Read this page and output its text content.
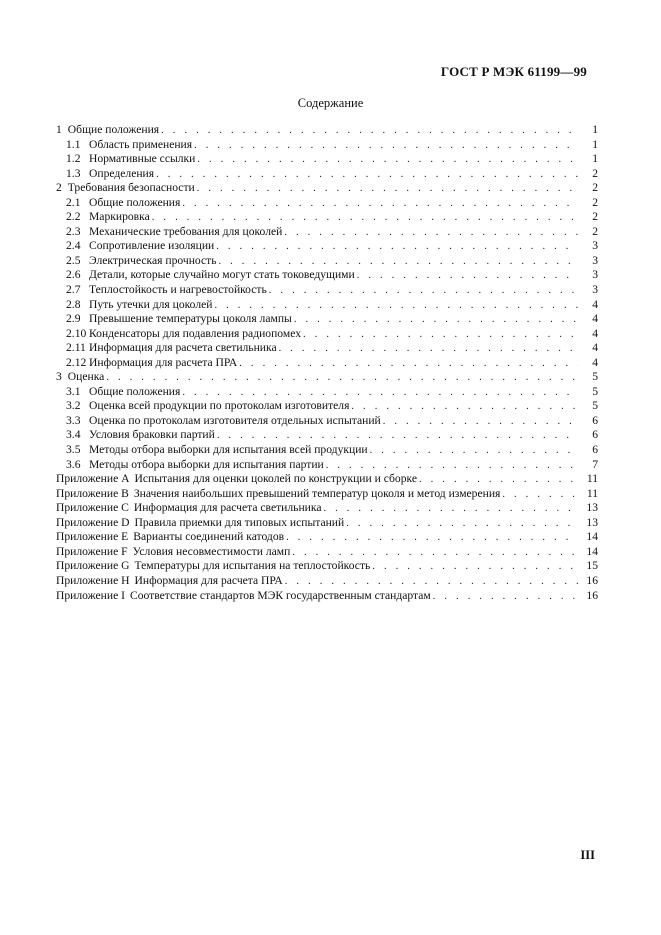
ГОСТ Р МЭК 61199—99
Содержание
1 Общие положения . . .	1
1.1 Область применения . . .	1
1.2 Нормативные ссылки . . .	1
1.3 Определения . . .	2
2 Требования безопасности . . .	2
2.1 Общие положения . . .	2
2.2 Маркировка . . .	2
2.3 Механические требования для цоколей . . .	2
2.4 Сопротивление изоляции . . .	3
2.5 Электрическая прочность . . .	3
2.6 Детали, которые случайно могут стать токоведущими . . .	3
2.7 Теплостойкость и нагревостойкость . . .	3
2.8 Путь утечки для цоколей . . .	4
2.9 Превышение температуры цоколя лампы . . .	4
2.10 Конденсаторы для подавления радиопомех . . .	4
2.11 Информация для расчета светильника . . .	4
2.12 Информация для расчета ПРА . . .	4
3 Оценка . . .	5
3.1 Общие положения . . .	5
3.2 Оценка всей продукции по протоколам изготовителя . . .	5
3.3 Оценка по протоколам изготовителя отдельных испытаний . . .	6
3.4 Условия браковки партий . . .	6
3.5 Методы отбора выборки для испытания всей продукции . . .	6
3.6 Методы отбора выборки для испытания партии . . .	7
Приложение А Испытания для оценки цоколей по конструкции и сборке . . .	11
Приложение В Значения наибольших превышений температур цоколя и метод измерения . . .	11
Приложение С Информация для расчета светильника . . .	13
Приложение D Правила приемки для типовых испытаний . . .	13
Приложение E Варианты соединений катодов . . .	14
Приложение F Условия несовместимости ламп . . .	14
Приложение G Температуры для испытания на теплостойкость . . .	15
Приложение Н Информация для расчета ПРА . . .	16
Приложение I Соответствие стандартов МЭК государственным стандартам . . .	16
III
